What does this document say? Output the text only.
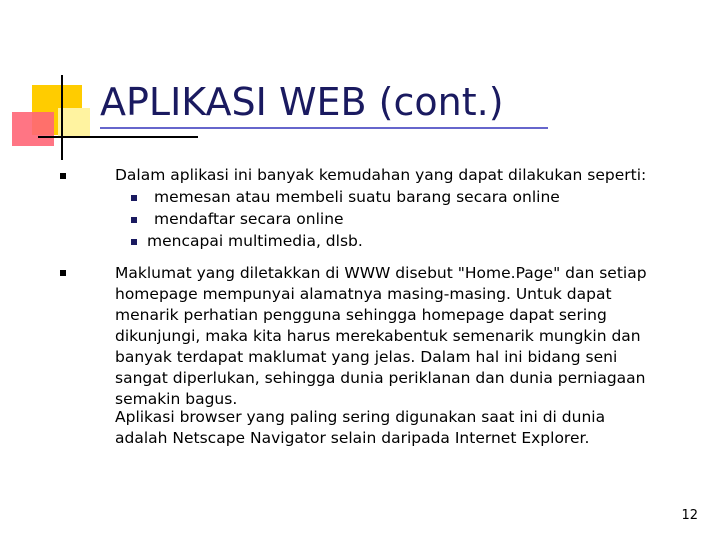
APLIKASI WEB (cont.)
Dalam aplikasi ini banyak kemudahan yang dapat dilakukan seperti:
memesan atau membeli suatu barang secara online
mendaftar secara online
mencapai multimedia, dlsb.
Maklumat yang diletakkan di WWW disebut "Home.Page" dan setiap
homepage mempunyai alamatnya masing-masing. Untuk dapat
menarik perhatian pengguna sehingga homepage dapat sering
dikunjungi, maka kita harus merekabentuk semenarik mungkin dan
banyak terdapat maklumat yang jelas. Dalam hal ini bidang seni
sangat diperlukan, sehingga dunia periklanan dan dunia perniagaan
semakin bagus.
Aplikasi browser yang paling sering digunakan saat ini di dunia
adalah Netscape Navigator selain daripada Internet Explorer.
12
